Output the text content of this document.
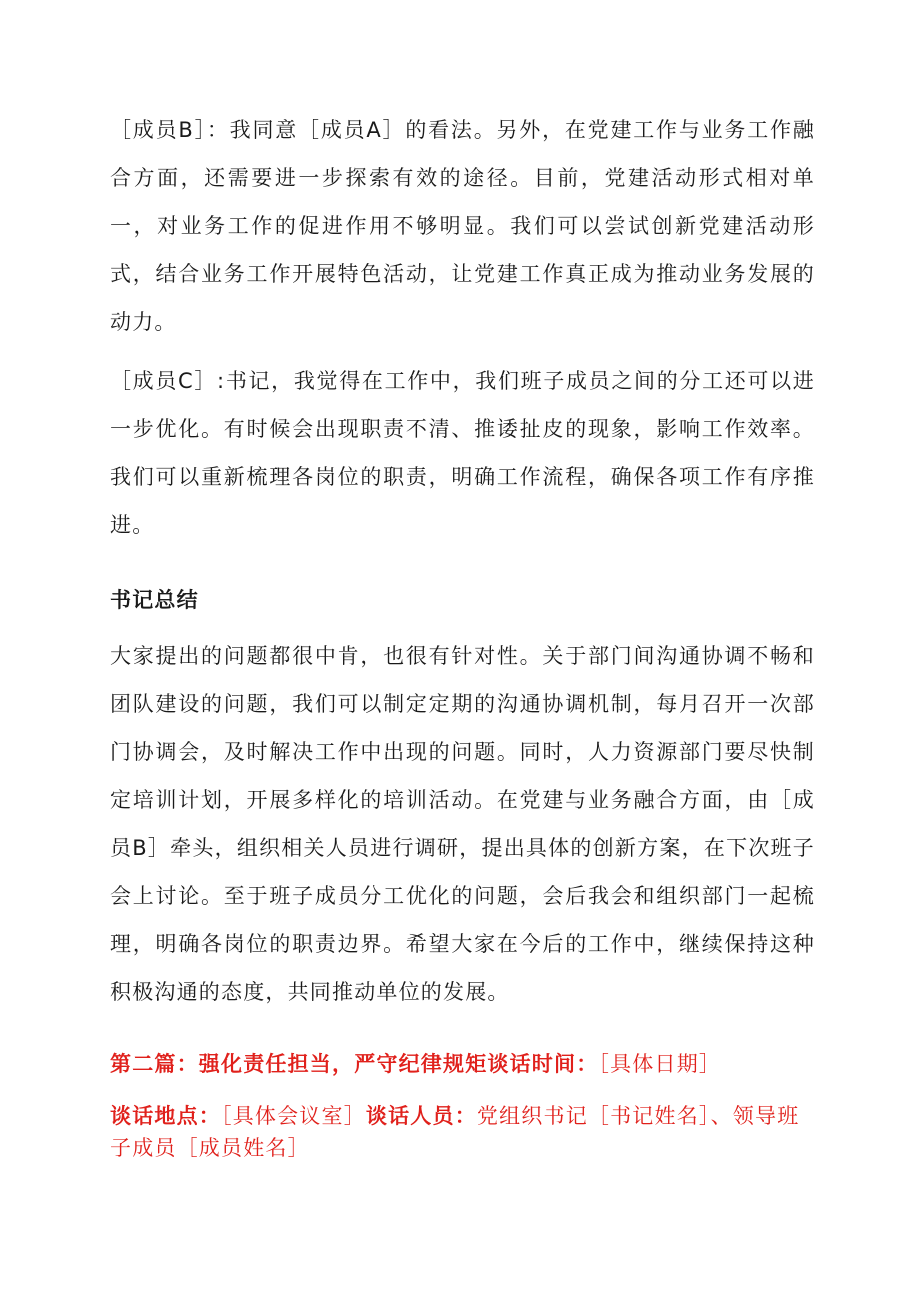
［成员B］：我同意［成员A］的看法。另外，在党建工作与业务工作融合方面，还需要进一步探索有效的途径。目前，党建活动形式相对单一，对业务工作的促进作用不够明显。我们可以尝试创新党建活动形式，结合业务工作开展特色活动，让党建工作真正成为推动业务发展的动力。

［成员C］:书记，我觉得在工作中，我们班子成员之间的分工还可以进一步优化。有时候会出现职责不清、推诿扯皮的现象，影响工作效率。我们可以重新梳理各岗位的职责，明确工作流程，确保各项工作有序推进。

书记总结

大家提出的问题都很中肯，也很有针对性。关于部门间沟通协调不畅和团队建设的问题，我们可以制定定期的沟通协调机制，每月召开一次部门协调会，及时解决工作中出现的问题。同时，人力资源部门要尽快制定培训计划，开展多样化的培训活动。在党建与业务融合方面，由［成员B］牵头，组织相关人员进行调研，提出具体的创新方案，在下次班子会上讨论。至于班子成员分工优化的问题，会后我会和组织部门一起梳理，明确各岗位的职责边界。希望大家在今后的工作中，继续保持这种积极沟通的态度，共同推动单位的发展。

第二篇：强化责任担当，严守纪律规矩谈话时间：［具体日期］

谈话地点：［具体会议室］谈话人员：党组织书记［书记姓名］、领导班子成员［成员姓名］
